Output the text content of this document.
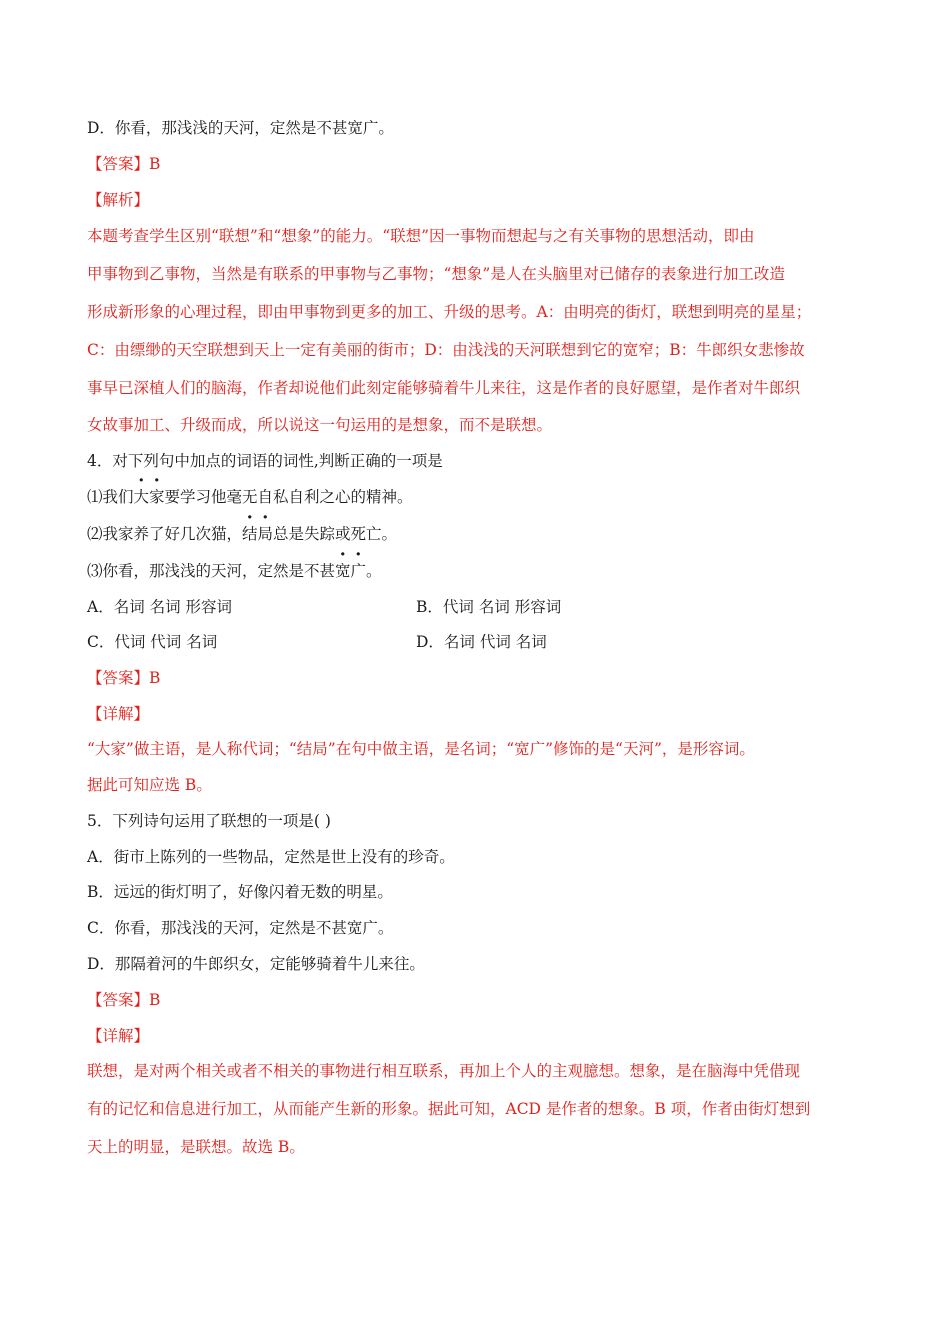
D．你看，那浅浅的天河，定然是不甚宽广。
【答案】B
【解析】
本题考查学生区别“联想”和“想象”的能力。“联想”因一事物而想起与之有关事物的思想活动，即由
甲事物到乙事物，当然是有联系的甲事物与乙事物；“想象”是人在头脑里对已储存的表象进行加工改造
形成新形象的心理过程，即由甲事物到更多的加工、升级的思考。A：由明亮的街灯，联想到明亮的星星；
C：由缥缈的天空联想到天上一定有美丽的街市；D：由浅浅的天河联想到它的宽窄；B：牛郎织女悲惨故
事早已深植人们的脑海，作者却说他们此刻定能够骑着牛儿来往，这是作者的良好愿望，是作者对牛郎织
女故事加工、升级而成，所以说这一句运用的是想象，而不是联想。
4．对下列句中加点的词语的词性,判断正确的一项是
⑴我们大家要学习他毫无自私自利之心的精神。
⑵我家养了好几次猫，结局总是失踪或死亡。
⑶你看，那浅浅的天河，定然是不甚宽广。
A．名词 名词 形容词	B．代词 名词 形容词
C．代词 代词 名词	D．名词 代词 名词
【答案】B
【详解】
“大家”做主语，是人称代词；“结局”在句中做主语，是名词；“宽广”修饰的是“天河”，是形容词。
据此可知应选 B。
5．下列诗句运用了联想的一项是( )
A．街市上陈列的一些物品，定然是世上没有的珍奇。
B．远远的街灯明了，好像闪着无数的明星。
C．你看，那浅浅的天河，定然是不甚宽广。
D．那隔着河的牛郎织女，定能够骑着牛儿来往。
【答案】B
【详解】
联想，是对两个相关或者不相关的事物进行相互联系，再加上个人的主观臆想。想象，是在脑海中凭借现
有的记忆和信息进行加工，从而能产生新的形象。据此可知，ACD 是作者的想象。B 项，作者由街灯想到
天上的明显，是联想。故选 B。
